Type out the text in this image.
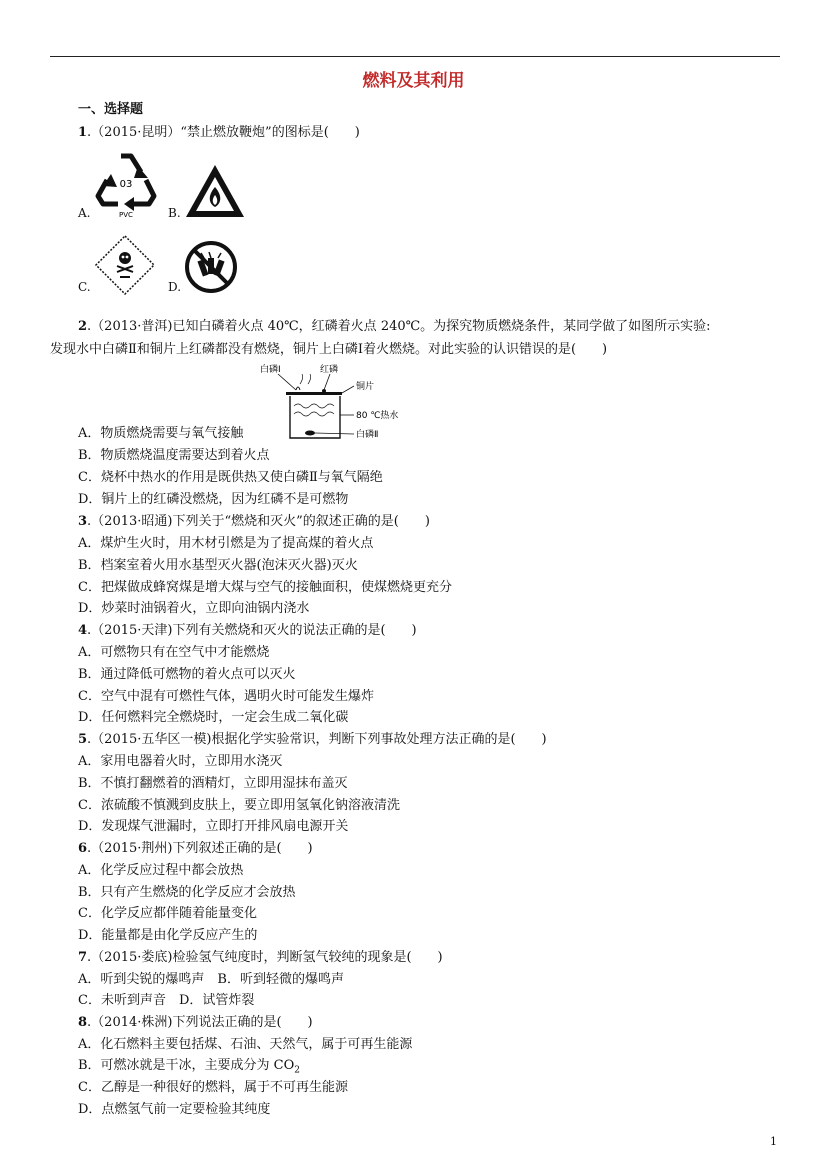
燃料及其利用
一、选择题
1.（2015·昆明）“禁止燃放鞭炮”的图标是(　　)
A.
03
PVC	B.
C.	D.
2.（2013·普洱)已知白磷着火点 40℃，红磷着火点 240℃。为探究物质燃烧条件，某同学做了如图所示实验:
发现水中白磷Ⅱ和铜片上红磷都没有燃烧，铜片上白磷Ⅰ着火燃烧。对此实验的认识错误的是(　　)
白磷Ⅰ	红磷
铜片
80 ℃热水
白磷Ⅱ
A．物质燃烧需要与氧气接触
B．物质燃烧温度需要达到着火点
C．烧杯中热水的作用是既供热又使白磷Ⅱ与氧气隔绝
D．铜片上的红磷没燃烧，因为红磷不是可燃物
3.（2013·昭通)下列关于“燃烧和灭火”的叙述正确的是(　　)
A．煤炉生火时，用木材引燃是为了提高煤的着火点
B．档案室着火用水基型灭火器(泡沫灭火器)灭火
C．把煤做成蜂窝煤是增大煤与空气的接触面积，使煤燃烧更充分
D．炒菜时油锅着火，立即向油锅内浇水
4.（2015·天津)下列有关燃烧和灭火的说法正确的是(　　)
A．可燃物只有在空气中才能燃烧
B．通过降低可燃物的着火点可以灭火
C．空气中混有可燃性气体，遇明火时可能发生爆炸
D．任何燃料完全燃烧时，一定会生成二氧化碳
5.（2015·五华区一模)根据化学实验常识，判断下列事故处理方法正确的是(　　)
A．家用电器着火时，立即用水浇灭
B．不慎打翻燃着的酒精灯，立即用湿抹布盖灭
C．浓硫酸不慎溅到皮肤上，要立即用氢氧化钠溶液清洗
D．发现煤气泄漏时，立即打开排风扇电源开关
6.（2015·荆州)下列叙述正确的是(　　)
A．化学反应过程中都会放热
B．只有产生燃烧的化学反应才会放热
C．化学反应都伴随着能量变化
D．能量都是由化学反应产生的
7.（2015·娄底)检验氢气纯度时，判断氢气较纯的现象是(　　)
A．听到尖锐的爆鸣声　B．听到轻微的爆鸣声
C．未听到声音　D．试管炸裂
8.（2014·株洲)下列说法正确的是(　　)
A．化石燃料主要包括煤、石油、天然气，属于可再生能源
B．可燃冰就是干冰，主要成分为 $CO_2$
C．乙醇是一种很好的燃料，属于不可再生能源
D．点燃氢气前一定要检验其纯度
1
